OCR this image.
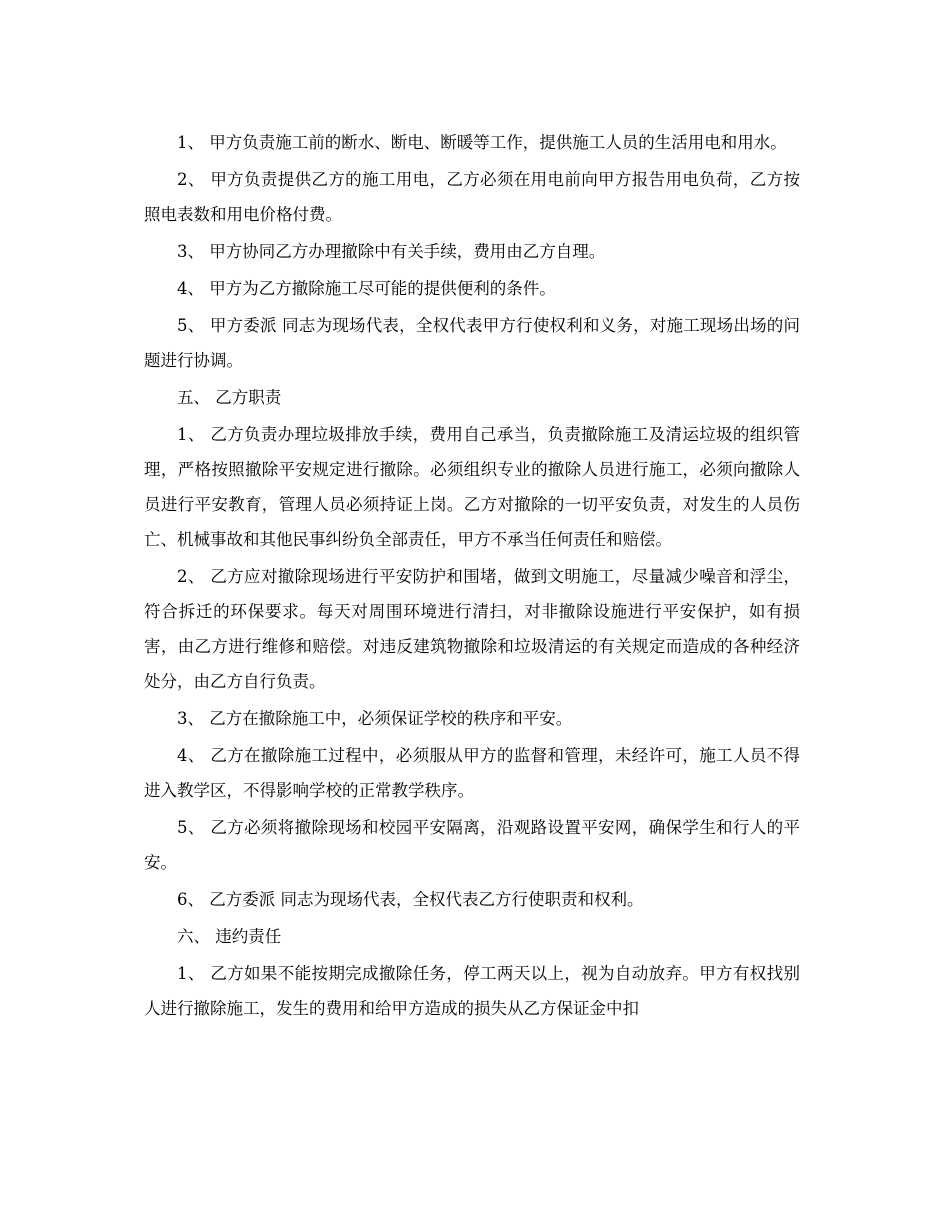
1、 甲方负责施工前的断水、断电、断暖等工作，提供施工人员的生活用电和用水。

2、 甲方负责提供乙方的施工用电，乙方必须在用电前向甲方报告用电负荷，乙方按照电表数和用电价格付费。

3、 甲方协同乙方办理撤除中有关手续，费用由乙方自理。

4、 甲方为乙方撤除施工尽可能的提供便利的条件。

5、 甲方委派 同志为现场代表，全权代表甲方行使权利和义务，对施工现场出场的问题进行协调。

五、 乙方职责

1、 乙方负责办理垃圾排放手续，费用自己承当，负责撤除施工及清运垃圾的组织管理，严格按照撤除平安规定进行撤除。必须组织专业的撤除人员进行施工，必须向撤除人员进行平安教育，管理人员必须持证上岗。乙方对撤除的一切平安负责，对发生的人员伤亡、机械事故和其他民事纠纷负全部责任，甲方不承当任何责任和赔偿。

2、 乙方应对撤除现场进行平安防护和围堵，做到文明施工，尽量减少噪音和浮尘，符合拆迁的环保要求。每天对周围环境进行清扫，对非撤除设施进行平安保护，如有损害，由乙方进行维修和赔偿。对违反建筑物撤除和垃圾清运的有关规定而造成的各种经济处分，由乙方自行负责。

3、 乙方在撤除施工中，必须保证学校的秩序和平安。

4、 乙方在撤除施工过程中，必须服从甲方的监督和管理，未经许可，施工人员不得进入教学区，不得影响学校的正常教学秩序。

5、 乙方必须将撤除现场和校园平安隔离，沿观路设置平安网，确保学生和行人的平安。

6、 乙方委派 同志为现场代表，全权代表乙方行使职责和权利。

六、 违约责任

1、 乙方如果不能按期完成撤除任务，停工两天以上，视为自动放弃。甲方有权找别人进行撤除施工，发生的费用和给甲方造成的损失从乙方保证金中扣
